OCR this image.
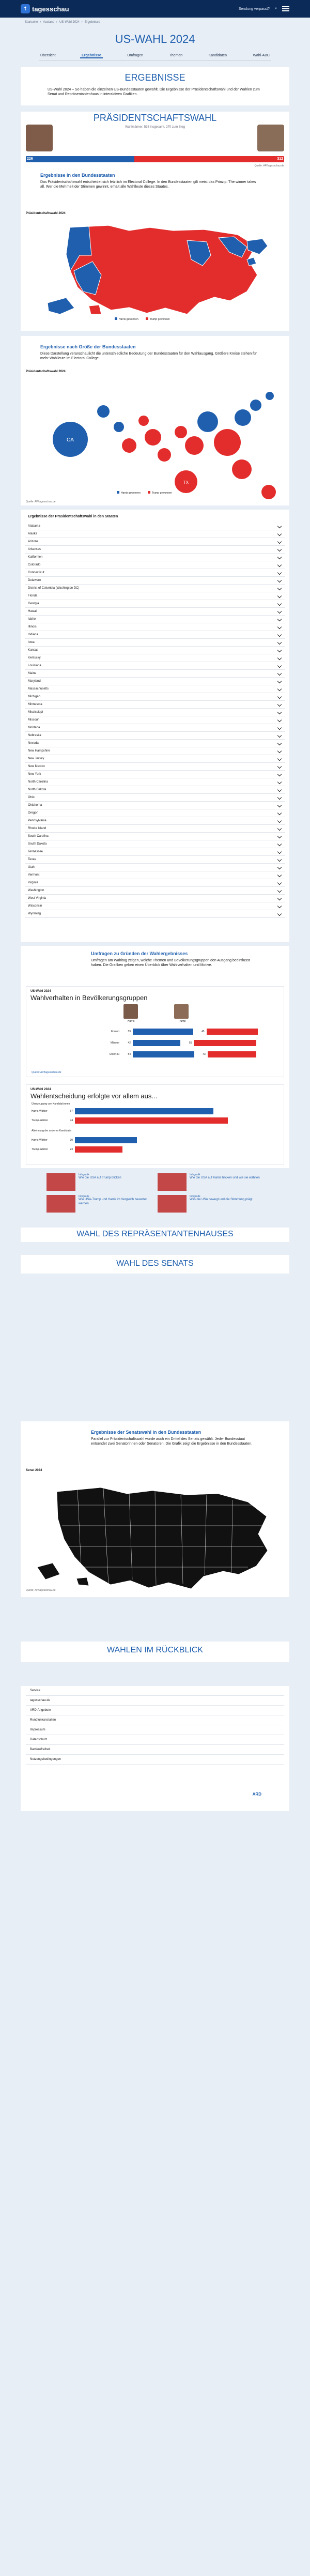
t tagesschau	Sendung verpasst? ⌕
Startseite › Ausland › US-Wahl 2024 › Ergebnisse
US-WAHL 2024
Übersicht	Ergebnisse	Umfragen	Themen	Kandidaten	Wahl-ABC
ERGEBNISSE
US-Wahl 2024 – So haben die einzelnen US-Bundesstaaten gewählt. Die Ergebnisse der Präsidentschaftswahl und der Wahlen zum Senat und Repräsentantenhaus in interaktiven Grafiken.
PRÄSIDENTSCHAFTSWAHL
Wahlmänner, 538 insgesamt, 270 zum Sieg
226	312
Quelle: AP/tagesschau.de
Ergebnisse in den Bundesstaaten
Das Präsidentschaftswahl entscheidet sich letztlich im Electoral College. In den Bundesstaaten gilt meist das Prinzip: The winner takes all. Wer die Mehrheit der Stimmen gewinnt, erhält alle Wahlleute dieses Staates.
Präsidentschaftswahl 2024
Harris gewonnen	Trump gewonnen
Ergebnisse nach Größe der Bundesstaaten
Diese Darstellung veranschaulicht die unterschiedliche Bedeutung der Bundesstaaten für den Wahlausgang. Größere Kreise stehen für mehr Wahlleute im Electoral College.
Präsidentschaftswahl 2024
CA
TX
Harris gewonnen	Trump gewonnen
Quelle: AP/tagesschau.de
Ergebnisse der Präsidentschaftswahl in den Staaten
Alabama
Alaska
Arizona
Arkansas
Kalifornien
Colorado
Connecticut
Delaware
District of Columbia (Washington DC)
Florida
Georgia
Hawaii
Idaho
Illinois
Indiana
Iowa
Kansas
Kentucky
Louisiana
Maine
Maryland
Massachusetts
Michigan
Minnesota
Mississippi
Missouri
Montana
Nebraska
Nevada
New Hampshire
New Jersey
New Mexico
New York
North Carolina
North Dakota
Ohio
Oklahoma
Oregon
Pennsylvania
Rhode Island
South Carolina
South Dakota
Tennessee
Texas
Utah
Vermont
Virginia
Washington
West Virginia
Wisconsin
Wyoming
Umfragen zu Gründen der Wahlergebnisses
Umfragen am Wahltag zeigen, welche Themen und Bevölkerungsgruppen den Ausgang beeinflusst haben. Die Grafiken geben einen Überblick über Wahlverhalten und Motive.
US-Wahl 2024
Wahlverhalten in Bevölkerungsgruppen
Harris	Trump
Frauen	53	45
Männer	42	55
Unter 30	54	43
Quelle: AP/tagesschau.de
US-Wahl 2024
Wahlentscheidung erfolgte vor allem aus...
Überzeugung von Kandidat:innen
Ablehnung der anderen Kandidatin
Harris-Wähler	67
Trump-Wähler	74
Harris-Wähler	30
Trump-Wähler	23
Infografik
Wie die USA auf Trump blicken
Infografik
Wie die USA auf Harris blicken und wie sie wählten
Infografik
Wie USA-Trump und Harris im Vergleich bewertet werden
Infografik
Was die USA bewegt und die Stimmung prägt
WAHL DES REPRÄSENTANTENHAUSES
WAHL DES SENATS
Ergebnisse der Senatswahl in den Bundesstaaten
Parallel zur Präsidentschaftswahl wurde auch ein Drittel des Senats gewählt. Jeder Bundesstaat entsendet zwei Senatorinnen oder Senatoren. Die Grafik zeigt die Ergebnisse in den Bundesstaaten.
Senat 2024
Quelle: AP/tagesschau.de
WAHLEN IM RÜCKBLICK
Service
tagesschau.de
ARD-Angebote
Rundfunkanstalten
Impressum
Datenschutz
Barrierefreiheit
Nutzungsbedingungen
ARD
